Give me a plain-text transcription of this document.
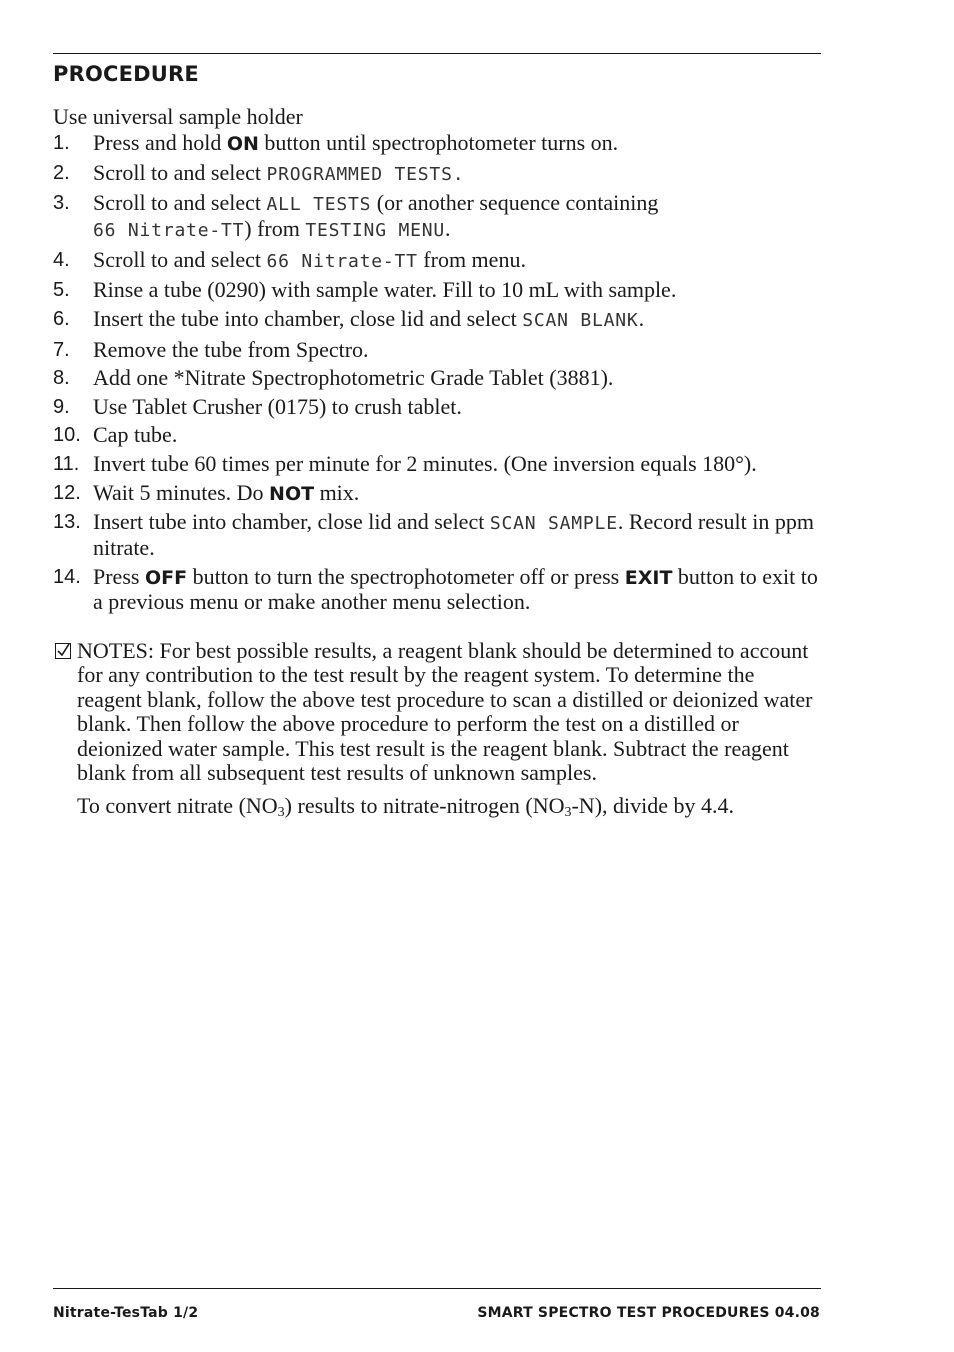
PROCEDURE
Use universal sample holder
1. Press and hold ON button until spectrophotometer turns on.
2. Scroll to and select PROGRAMMED TESTS.
3. Scroll to and select ALL TESTS (or another sequence containing
66 Nitrate-TT) from TESTING MENU.
4. Scroll to and select 66 Nitrate-TT from menu.
5. Rinse a tube (0290) with sample water. Fill to 10 mL with sample.
6. Insert the tube into chamber, close lid and select SCAN BLANK.
7. Remove the tube from Spectro.
8. Add one *Nitrate Spectrophotometric Grade Tablet (3881).
9. Use Tablet Crusher (0175) to crush tablet.
10. Cap tube.
11. Invert tube 60 times per minute for 2 minutes. (One inversion equals 180°).
12. Wait 5 minutes. Do NOT mix.
13. Insert tube into chamber, close lid and select SCAN SAMPLE. Record result in ppm nitrate.
14. Press OFF button to turn the spectrophotometer off or press EXIT button to exit to a previous menu or make another menu selection.
NOTES: For best possible results, a reagent blank should be determined to account for any contribution to the test result by the reagent system. To determine the reagent blank, follow the above test procedure to scan a distilled or deionized water blank. Then follow the above procedure to perform the test on a distilled or deionized water sample. This test result is the reagent blank. Subtract the reagent blank from all subsequent test results of unknown samples.
To convert nitrate (NO3) results to nitrate-nitrogen (NO3-N), divide by 4.4.
Nitrate-TesTab 1/2	SMART SPECTRO TEST PROCEDURES 04.08
